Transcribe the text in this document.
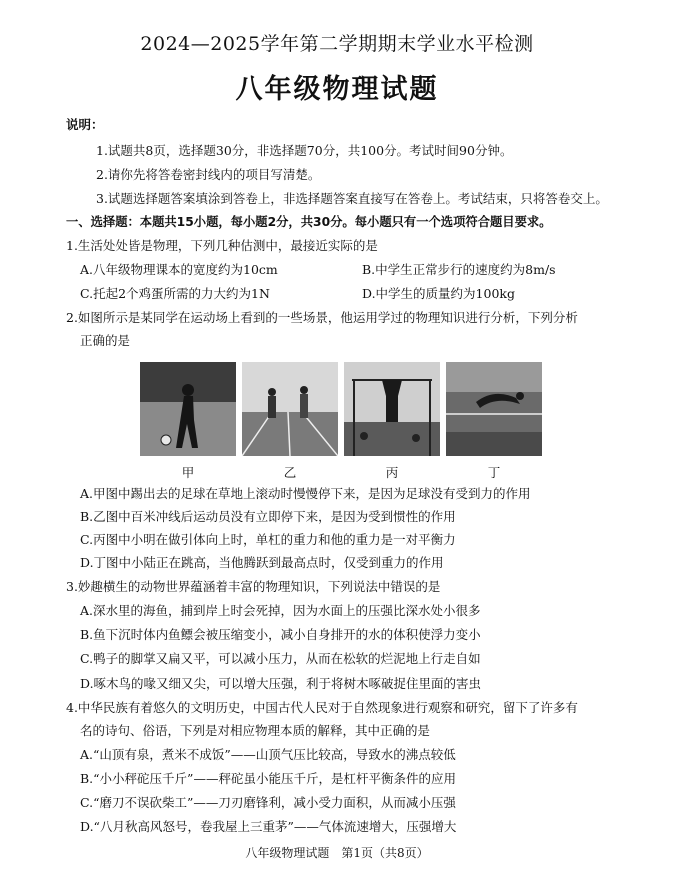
2024—2025学年第二学期期末学业水平检测
八年级物理试题
说明：
1.试题共8页，选择题30分，非选择题70分，共100分。考试时间90分钟。
2.请你先将答卷密封线内的项目写清楚。
3.试题选择题答案填涂到答卷上，非选择题答案直接写在答卷上。考试结束，只将答卷交上。
一、选择题：本题共15小题，每小题2分，共30分。每小题只有一个选项符合题目要求。
1.生活处处皆是物理，下列几种估测中，最接近实际的是
A.八年级物理课本的宽度约为10cm	B.中学生正常步行的速度约为8m/s
C.托起2个鸡蛋所需的力大约为1N	D.中学生的质量约为100kg
2.如图所示是某同学在运动场上看到的一些场景，他运用学过的物理知识进行分析，下列分析
正确的是
甲	乙	丙	丁
A.甲图中踢出去的足球在草地上滚动时慢慢停下来，是因为足球没有受到力的作用
B.乙图中百米冲线后运动员没有立即停下来，是因为受到惯性的作用
C.丙图中小明在做引体向上时，单杠的重力和他的重力是一对平衡力
D.丁图中小陆正在跳高，当他腾跃到最高点时，仅受到重力的作用
3.妙趣横生的动物世界蕴涵着丰富的物理知识，下列说法中错误的是
A.深水里的海鱼，捕到岸上时会死掉，因为水面上的压强比深水处小很多
B.鱼下沉时体内鱼鳔会被压缩变小，减小自身排开的水的体积使浮力变小
C.鸭子的脚掌又扁又平，可以减小压力，从而在松软的烂泥地上行走自如
D.啄木鸟的喙又细又尖，可以增大压强，利于将树木啄破捉住里面的害虫
4.中华民族有着悠久的文明历史，中国古代人民对于自然现象进行观察和研究，留下了许多有
名的诗句、俗语，下列是对相应物理本质的解释，其中正确的是
A.“山顶有泉，煮米不成饭”——山顶气压比较高，导致水的沸点较低
B.“小小秤砣压千斤”——秤砣虽小能压千斤，是杠杆平衡条件的应用
C.“磨刀不误砍柴工”——刀刃磨锋利，减小受力面积，从而减小压强
D.“八月秋高风怒号，卷我屋上三重茅”——气体流速增大，压强增大
八年级物理试题　第1页（共8页）
